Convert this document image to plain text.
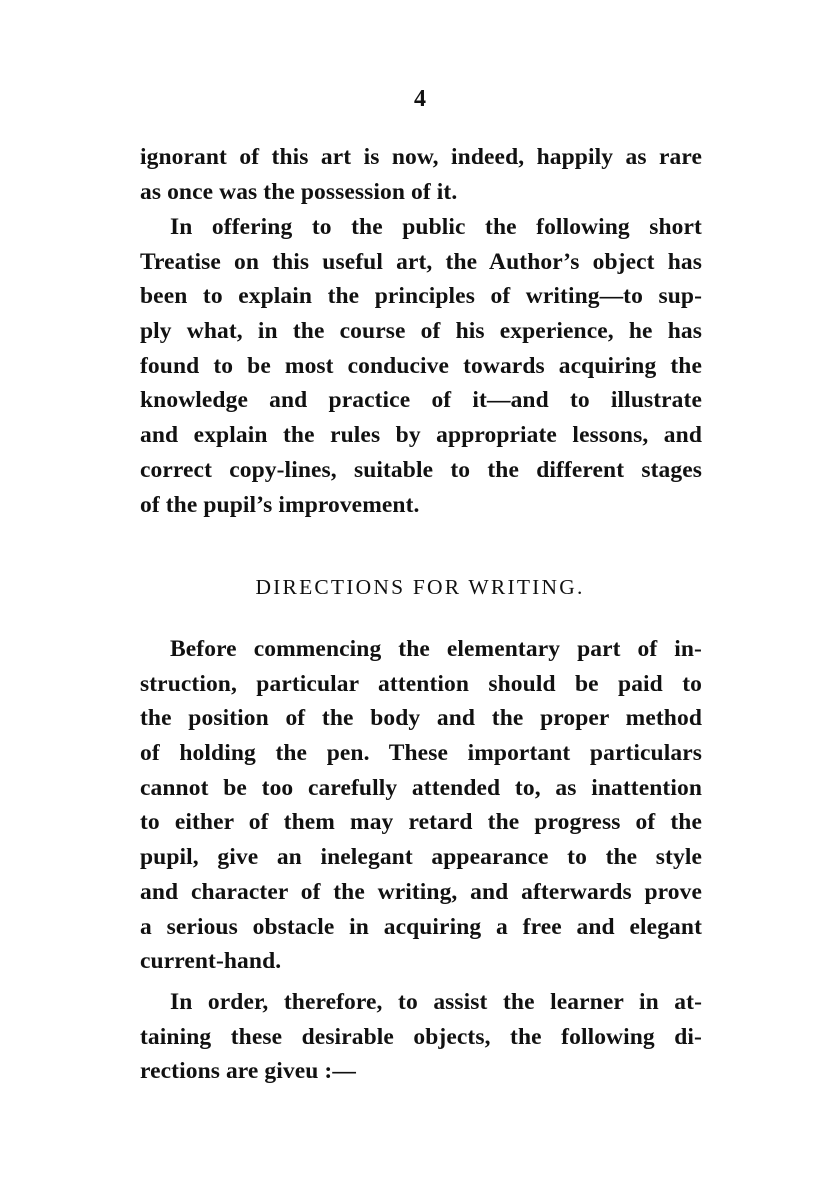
4
ignorant of this art is now, indeed, happily as rare
as once was the possession of it.
In offering to the public the following short
Treatise on this useful art, the Author’s object has
been to explain the principles of writing—to sup-
ply what, in the course of his experience, he has
found to be most conducive towards acquiring the
knowledge and practice of it—and to illustrate
and explain the rules by appropriate lessons, and
correct copy-lines, suitable to the different stages
of the pupil’s improvement.
DIRECTIONS FOR WRITING.
Before commencing the elementary part of in-
struction, particular attention should be paid to
the position of the body and the proper method
of holding the pen. These important particulars
cannot be too carefully attended to, as inattention
to either of them may retard the progress of the
pupil, give an inelegant appearance to the style
and character of the writing, and afterwards prove
a serious obstacle in acquiring a free and elegant
current-hand.
In order, therefore, to assist the learner in at-
taining these desirable objects, the following di-
rections are giveu :—
